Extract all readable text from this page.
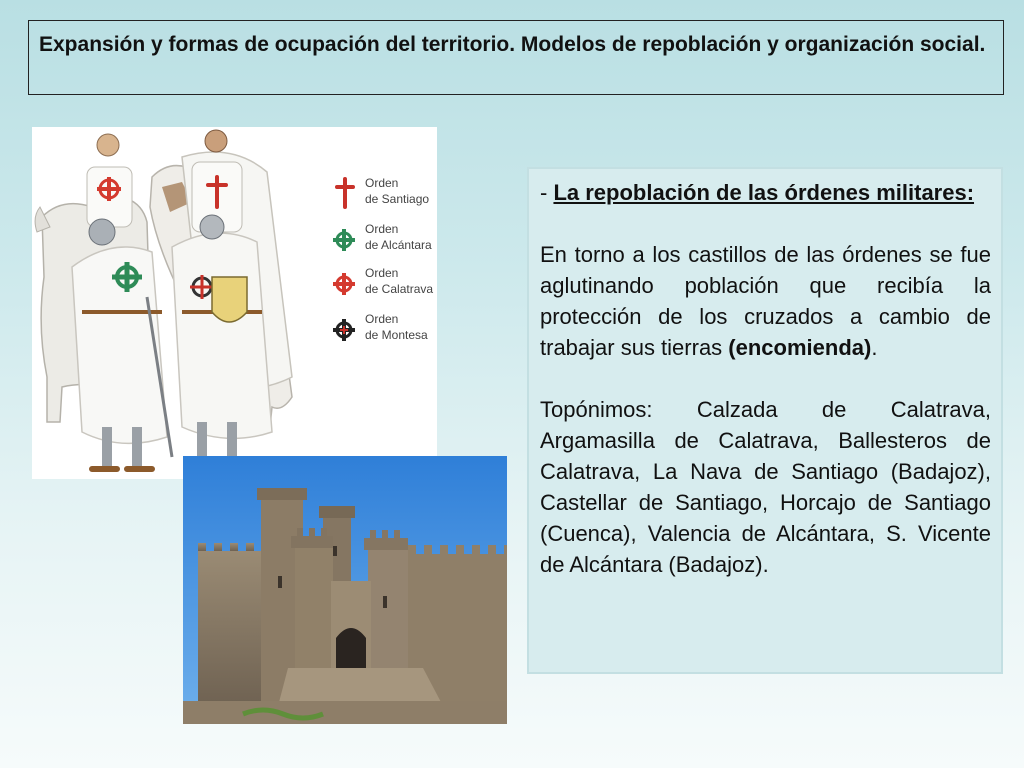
Expansión y formas de ocupación del territorio. Modelos de repoblación y organización social.

Orden
de Santiago
Orden
de Alcántara
Orden
de Calatrava
Orden
de Montesa

- La repoblación de las órdenes militares:

En torno a los castillos de las órdenes se fue aglutinando población que recibía la protección de los cruzados a cambio de trabajar sus tierras (encomienda).

Topónimos: Calzada de Calatrava, Argamasilla de Calatrava, Ballesteros de Calatrava, La Nava de Santiago (Badajoz), Castellar de Santiago, Horcajo de Santiago (Cuenca), Valencia de Alcántara, S. Vicente de Alcántara (Badajoz).
